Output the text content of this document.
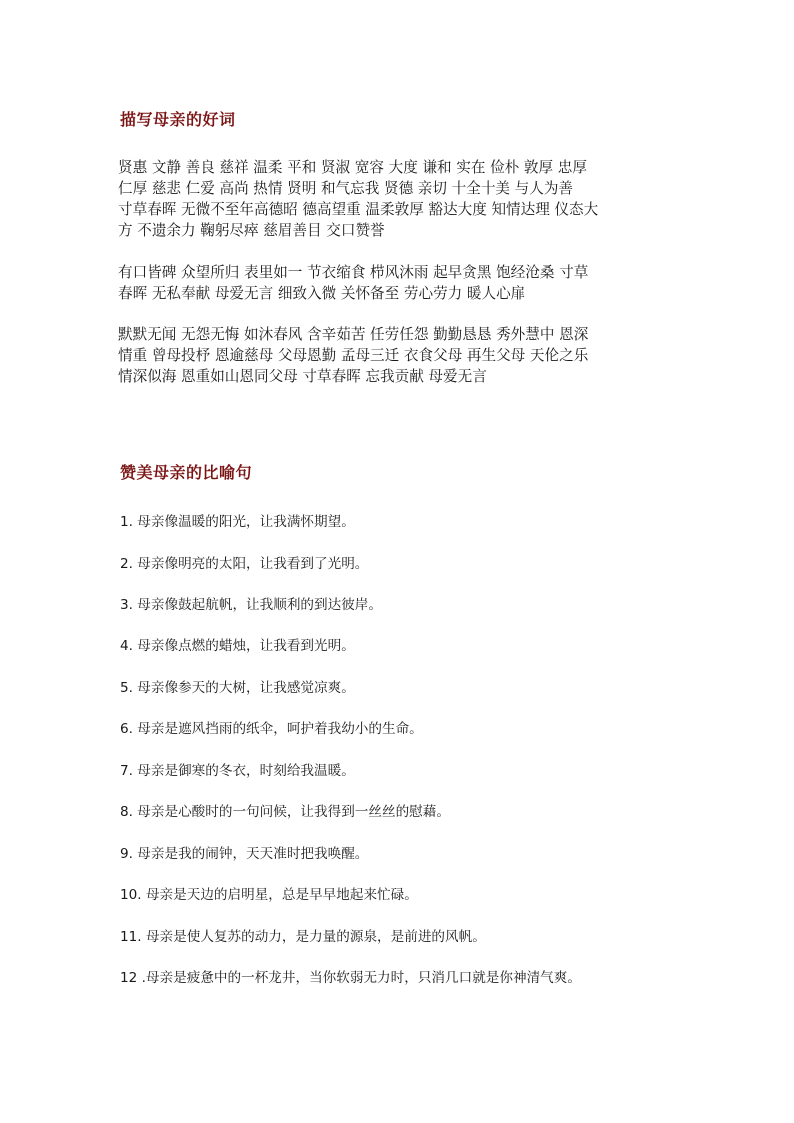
描写母亲的好词
贤惠 文静 善良 慈祥 温柔 平和 贤淑 宽容 大度 谦和 实在 俭朴 敦厚 忠厚
仁厚 慈悲 仁爱 高尚 热情 贤明 和气忘我 贤德 亲切 十全十美 与人为善
寸草春晖 无微不至年高德昭 德高望重 温柔敦厚 豁达大度 知情达理 仪态大
方 不遗余力 鞠躬尽瘁 慈眉善目 交口赞誉
有口皆碑 众望所归 表里如一 节衣缩食 栉风沐雨 起早贪黑 饱经沧桑 寸草
春晖 无私奉献 母爱无言 细致入微 关怀备至 劳心劳力 暖人心扉
默默无闻 无怨无悔 如沐春风 含辛茹苦 任劳任怨 勤勤恳恳 秀外慧中 恩深
情重 曾母投杼 恩逾慈母 父母恩勤 孟母三迁 衣食父母 再生父母 天伦之乐
情深似海 恩重如山恩同父母 寸草春晖 忘我贡献 母爱无言
赞美母亲的比喻句
1. 母亲像温暖的阳光，让我满怀期望。
2. 母亲像明亮的太阳，让我看到了光明。
3. 母亲像鼓起航帆，让我顺利的到达彼岸。
4. 母亲像点燃的蜡烛，让我看到光明。
5. 母亲像参天的大树，让我感觉凉爽。
6. 母亲是遮风挡雨的纸伞，呵护着我幼小的生命。
7. 母亲是御寒的冬衣，时刻给我温暖。
8. 母亲是心酸时的一句问候，让我得到一丝丝的慰藉。
9. 母亲是我的闹钟，天天准时把我唤醒。
10. 母亲是天边的启明星，总是早早地起来忙碌。
11. 母亲是使人复苏的动力，是力量的源泉，是前进的风帆。
12 .母亲是疲惫中的一杯龙井，当你软弱无力时，只消几口就是你神清气爽。
